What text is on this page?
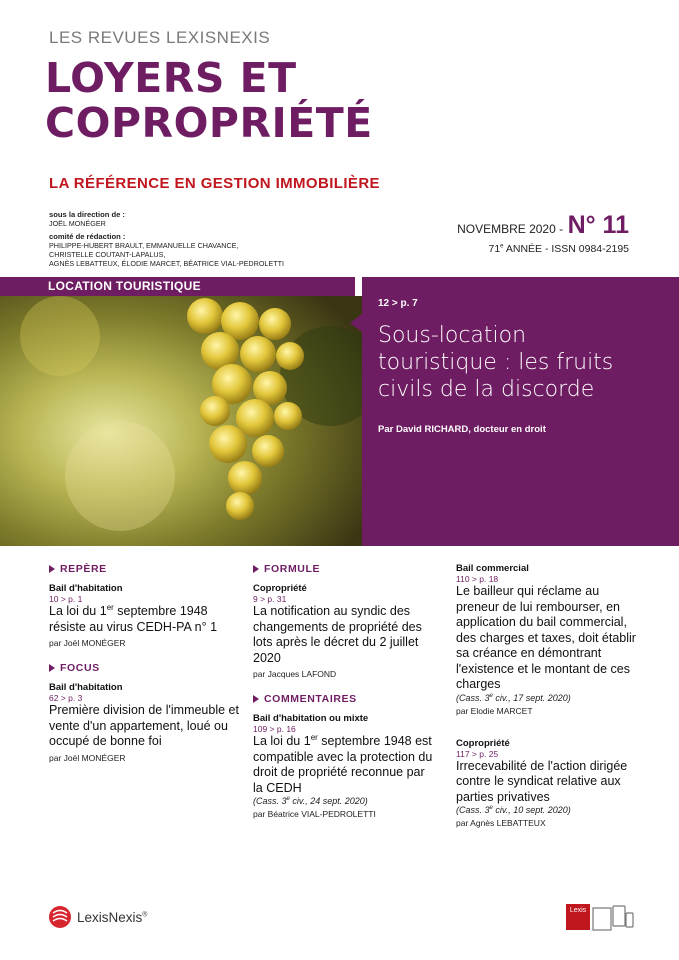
LES REVUES LEXISNEXIS
LOYERS ET
COPROPRIÉTÉ
LA RÉFÉRENCE EN GESTION IMMOBILIÈRE
sous la direction de :
JOËL MONÉGER

comité de rédaction :
PHILIPPE-HUBERT BRAULT, EMMANUELLE CHAVANCE,
CHRISTELLE COUTANT-LAPALUS,
AGNÈS LEBATTEUX, ÉLODIE MARCET, BÉATRICE VIAL-PEDROLETTI
NOVEMBRE 2020 - N° 11
71e ANNÉE - ISSN 0984-2195
LOCATION TOURISTIQUE
12 > p. 7
Sous-location touristique : les fruits civils de la discorde
Par David RICHARD, docteur en droit
REPÈRE
Bail d'habitation
10 > p. 1
La loi du 1er septembre 1948 résiste au virus CEDH-PA n° 1
par Joël MONÉGER
FOCUS
Bail d'habitation
62 > p. 3
Première division de l'immeuble et vente d'un appartement, loué ou occupé de bonne foi
par Joël MONÉGER
FORMULE
Copropriété
9 > p. 31
La notification au syndic des changements de propriété des lots après le décret du 2 juillet 2020
par Jacques LAFOND
COMMENTAIRES
Bail d'habitation ou mixte
109 > p. 16
La loi du 1er septembre 1948 est compatible avec la protection du droit de propriété reconnue par la CEDH
(Cass. 3e civ., 24 sept. 2020)
par Béatrice VIAL-PEDROLETTI
Bail commercial
110 > p. 18
Le bailleur qui réclame au preneur de lui rembourser, en application du bail commercial, des charges et taxes, doit établir sa créance en démontrant l'existence et le montant de ces charges
(Cass. 3e civ., 17 sept. 2020)
par Elodie MARCET
Copropriété
117 > p. 25
Irrecevabilité de l'action dirigée contre le syndicat relative aux parties privatives
(Cass. 3e civ., 10 sept. 2020)
par Agnès LEBATTEUX
LexisNexis®
Lexis
